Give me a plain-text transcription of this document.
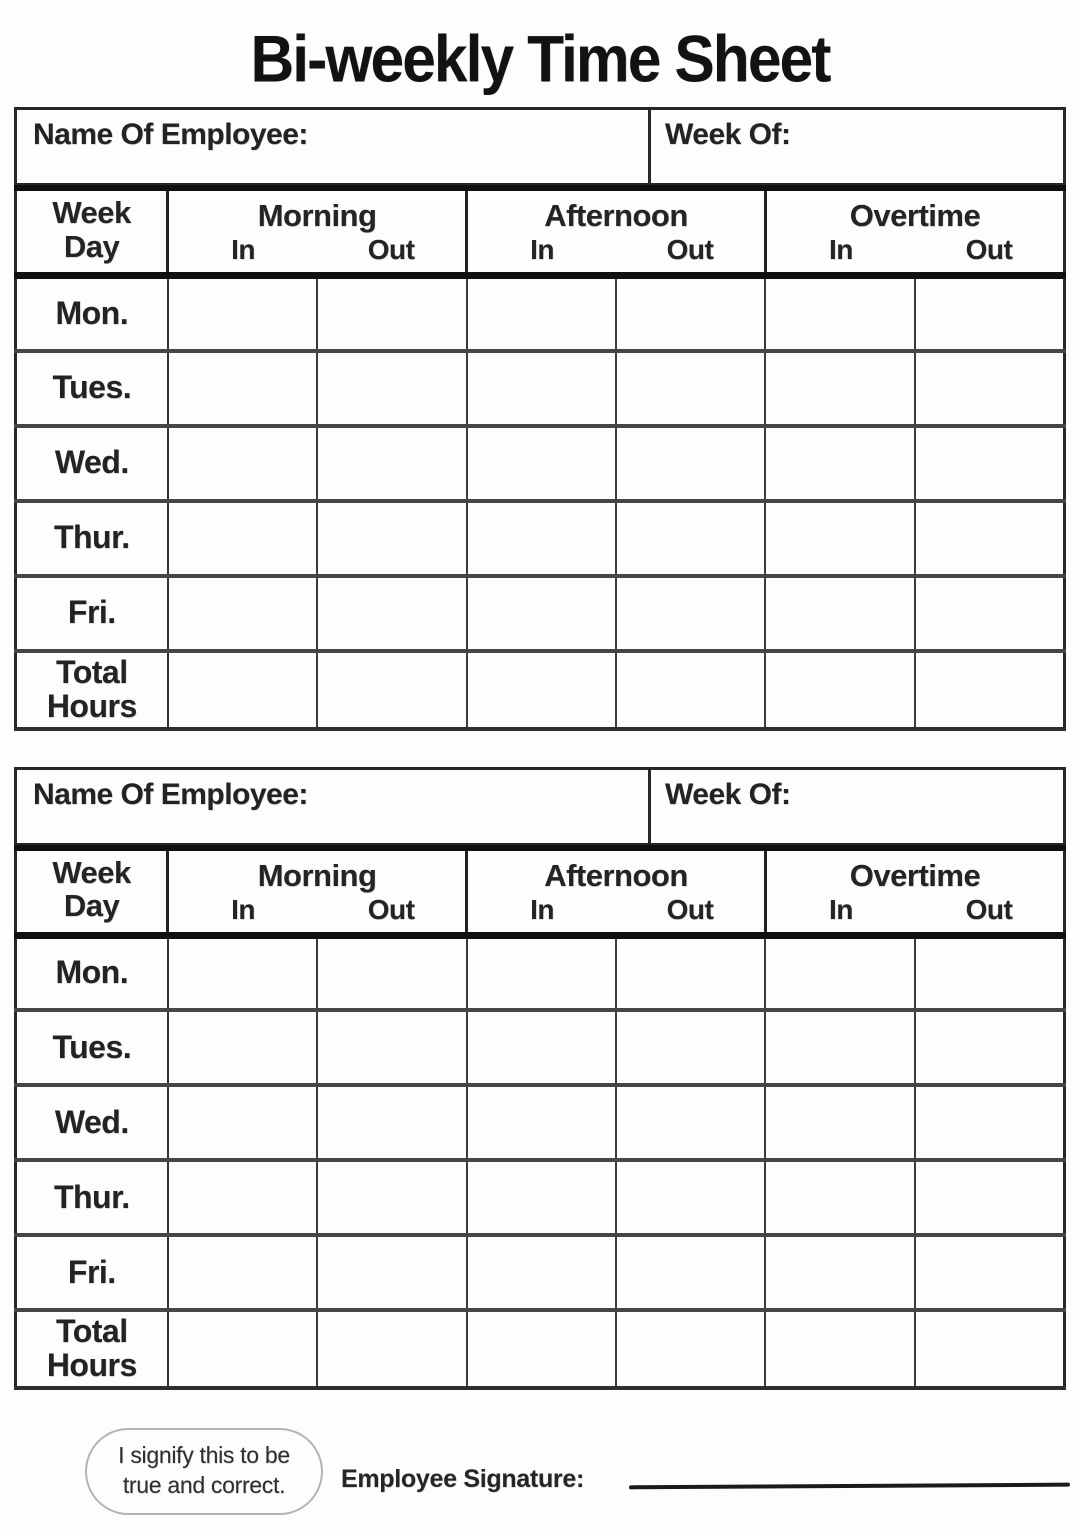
Bi-weekly Time Sheet
Name Of Employee:	Week Of:
Week
Day	Morning		Afternoon		Overtime	
	In	Out	In	Out	In	Out
Mon.						
Tues.						
Wed.						
Thur.						
Fri.						
Total Hours						
Name Of Employee:	Week Of:
Week
Day	Morning		Afternoon		Overtime	
	In	Out	In	Out	In	Out
Mon.						
Tues.						
Wed.						
Thur.						
Fri.						
Total Hours						
I signify this to be
true and correct. Employee Signature:
